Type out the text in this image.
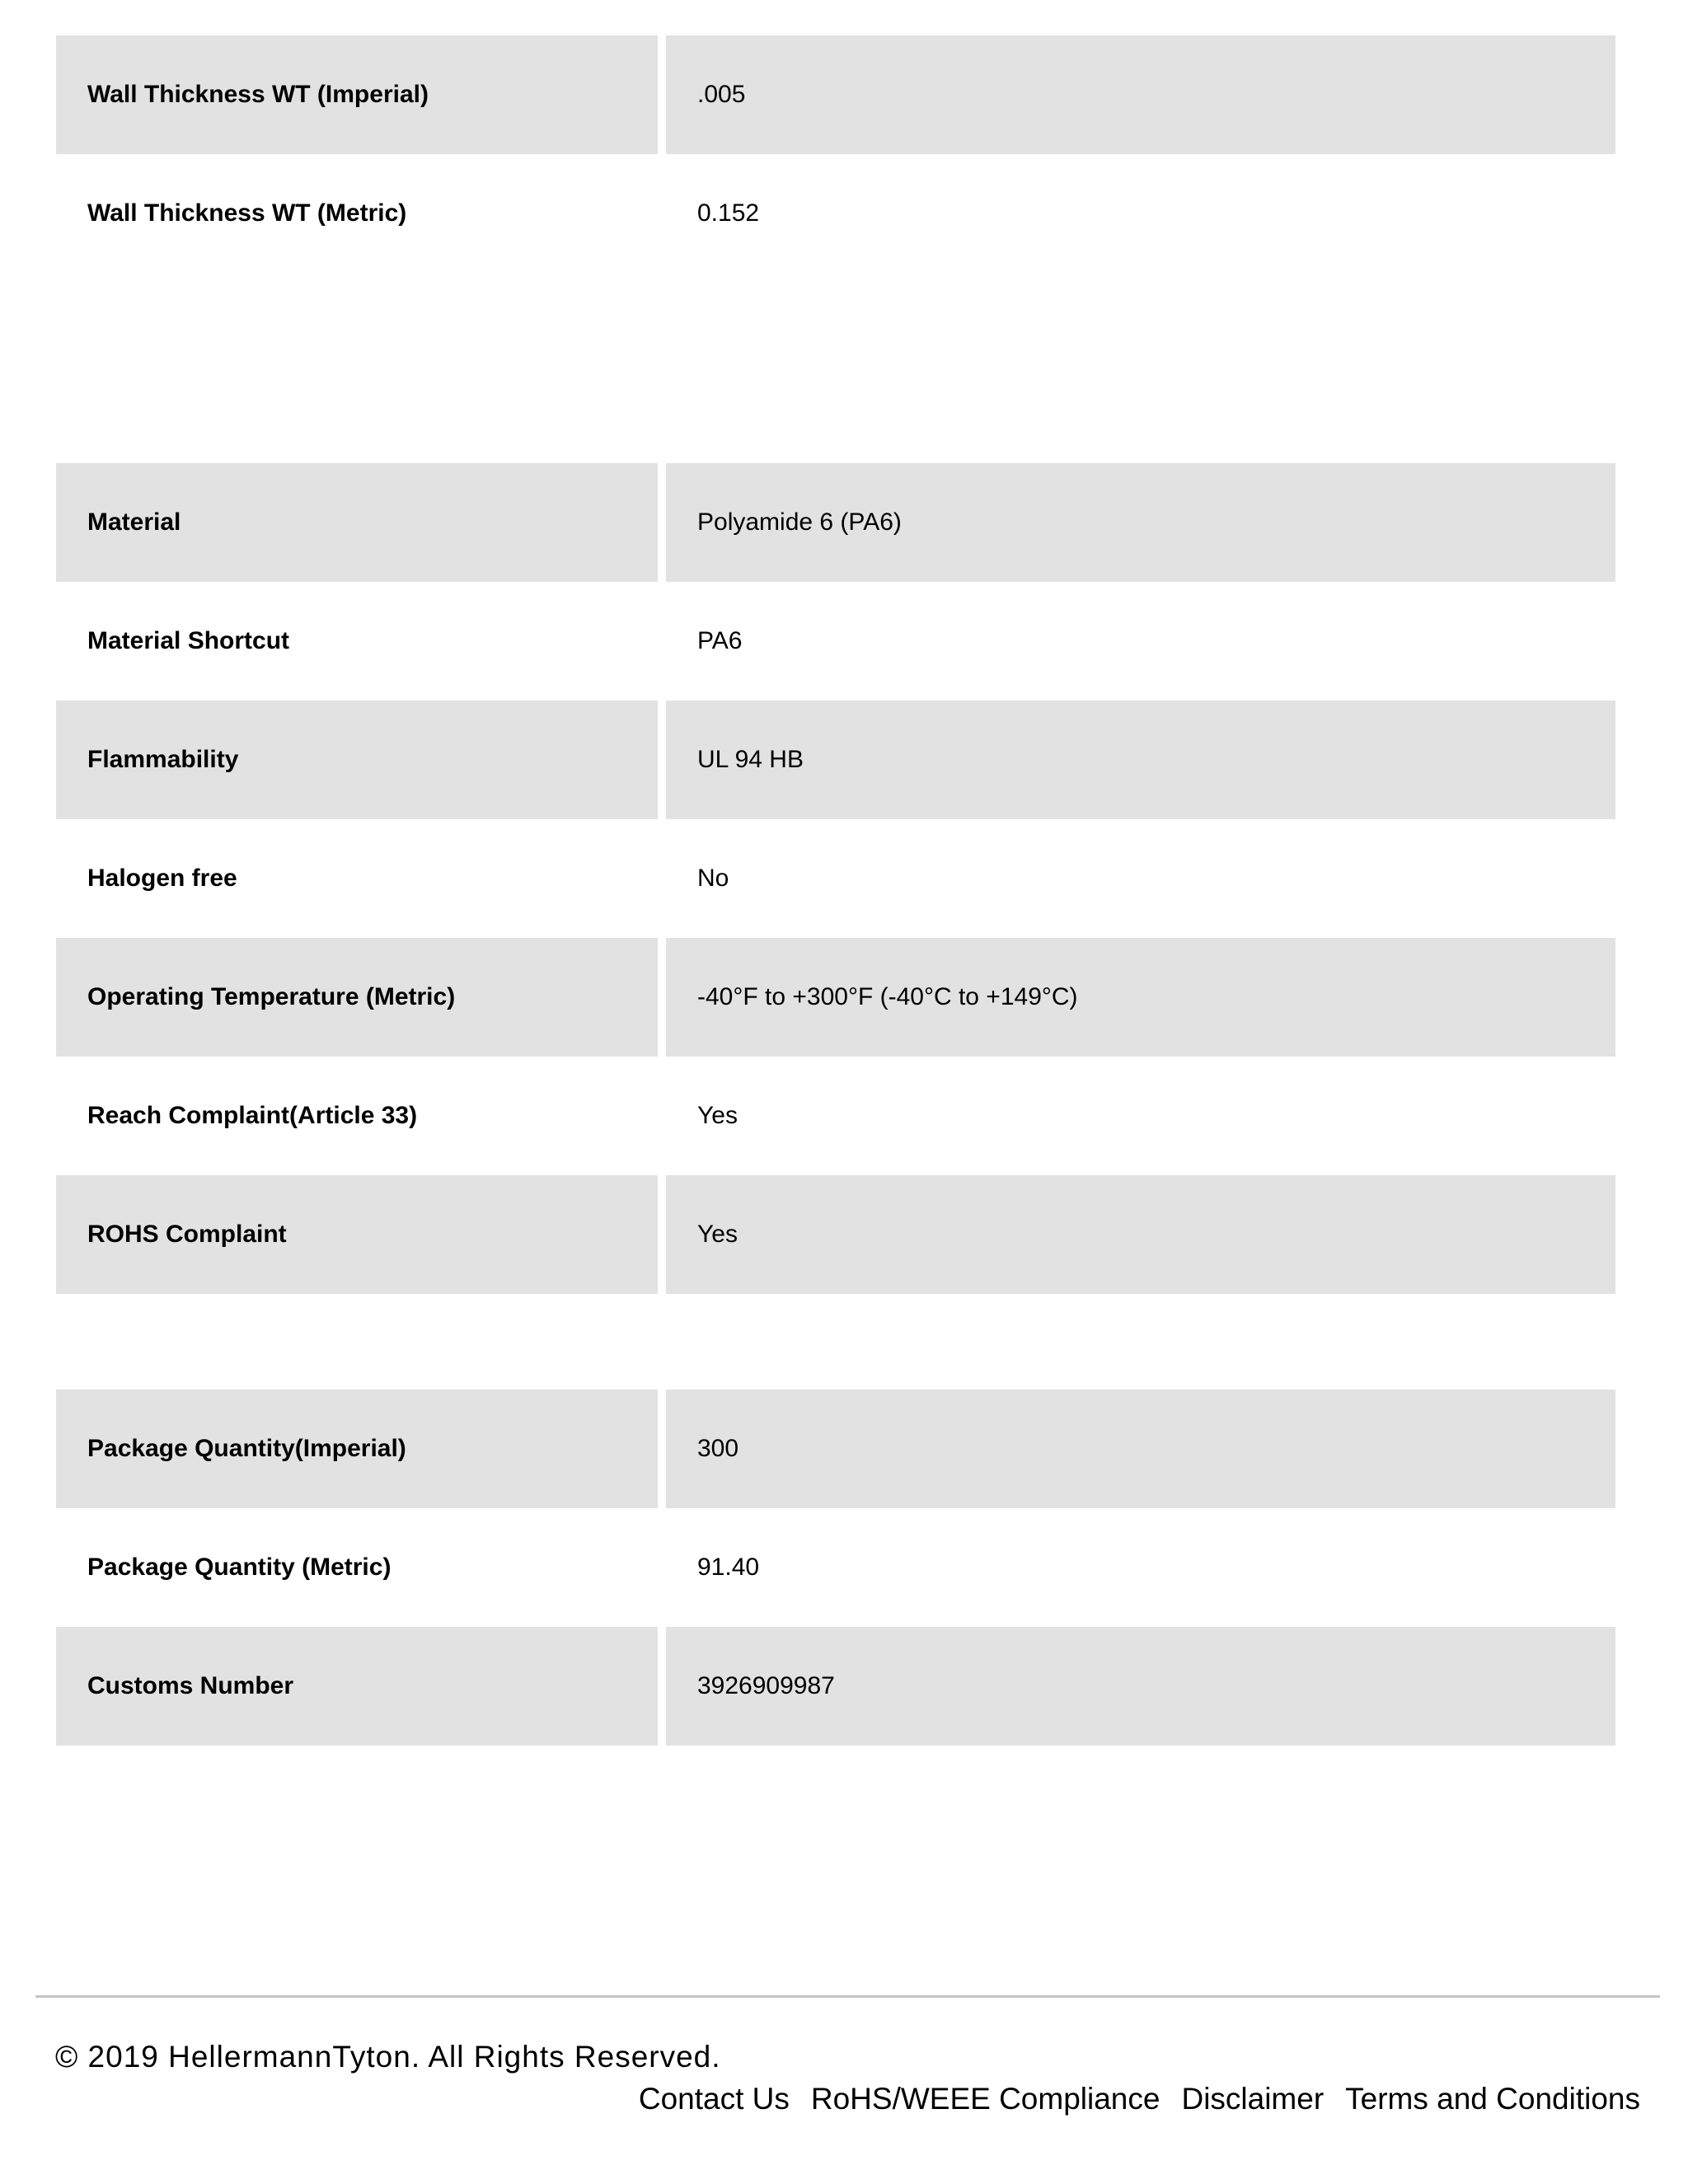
Wall Thickness WT (Imperial)	.005
Wall Thickness WT (Metric)	0.152
Material	Polyamide 6 (PA6)
Material Shortcut	PA6
Flammability	UL 94 HB
Halogen free	No
Operating Temperature (Metric)	-40°F to +300°F (-40°C to +149°C)
Reach Complaint(Article 33)	Yes
ROHS Complaint	Yes
Package Quantity(Imperial)	300
Package Quantity (Metric)	91.40
Customs Number	3926909987
© 2019 HellermannTyton. All Rights Reserved.
Contact Us RoHS/WEEE Compliance Disclaimer Terms and Conditions
